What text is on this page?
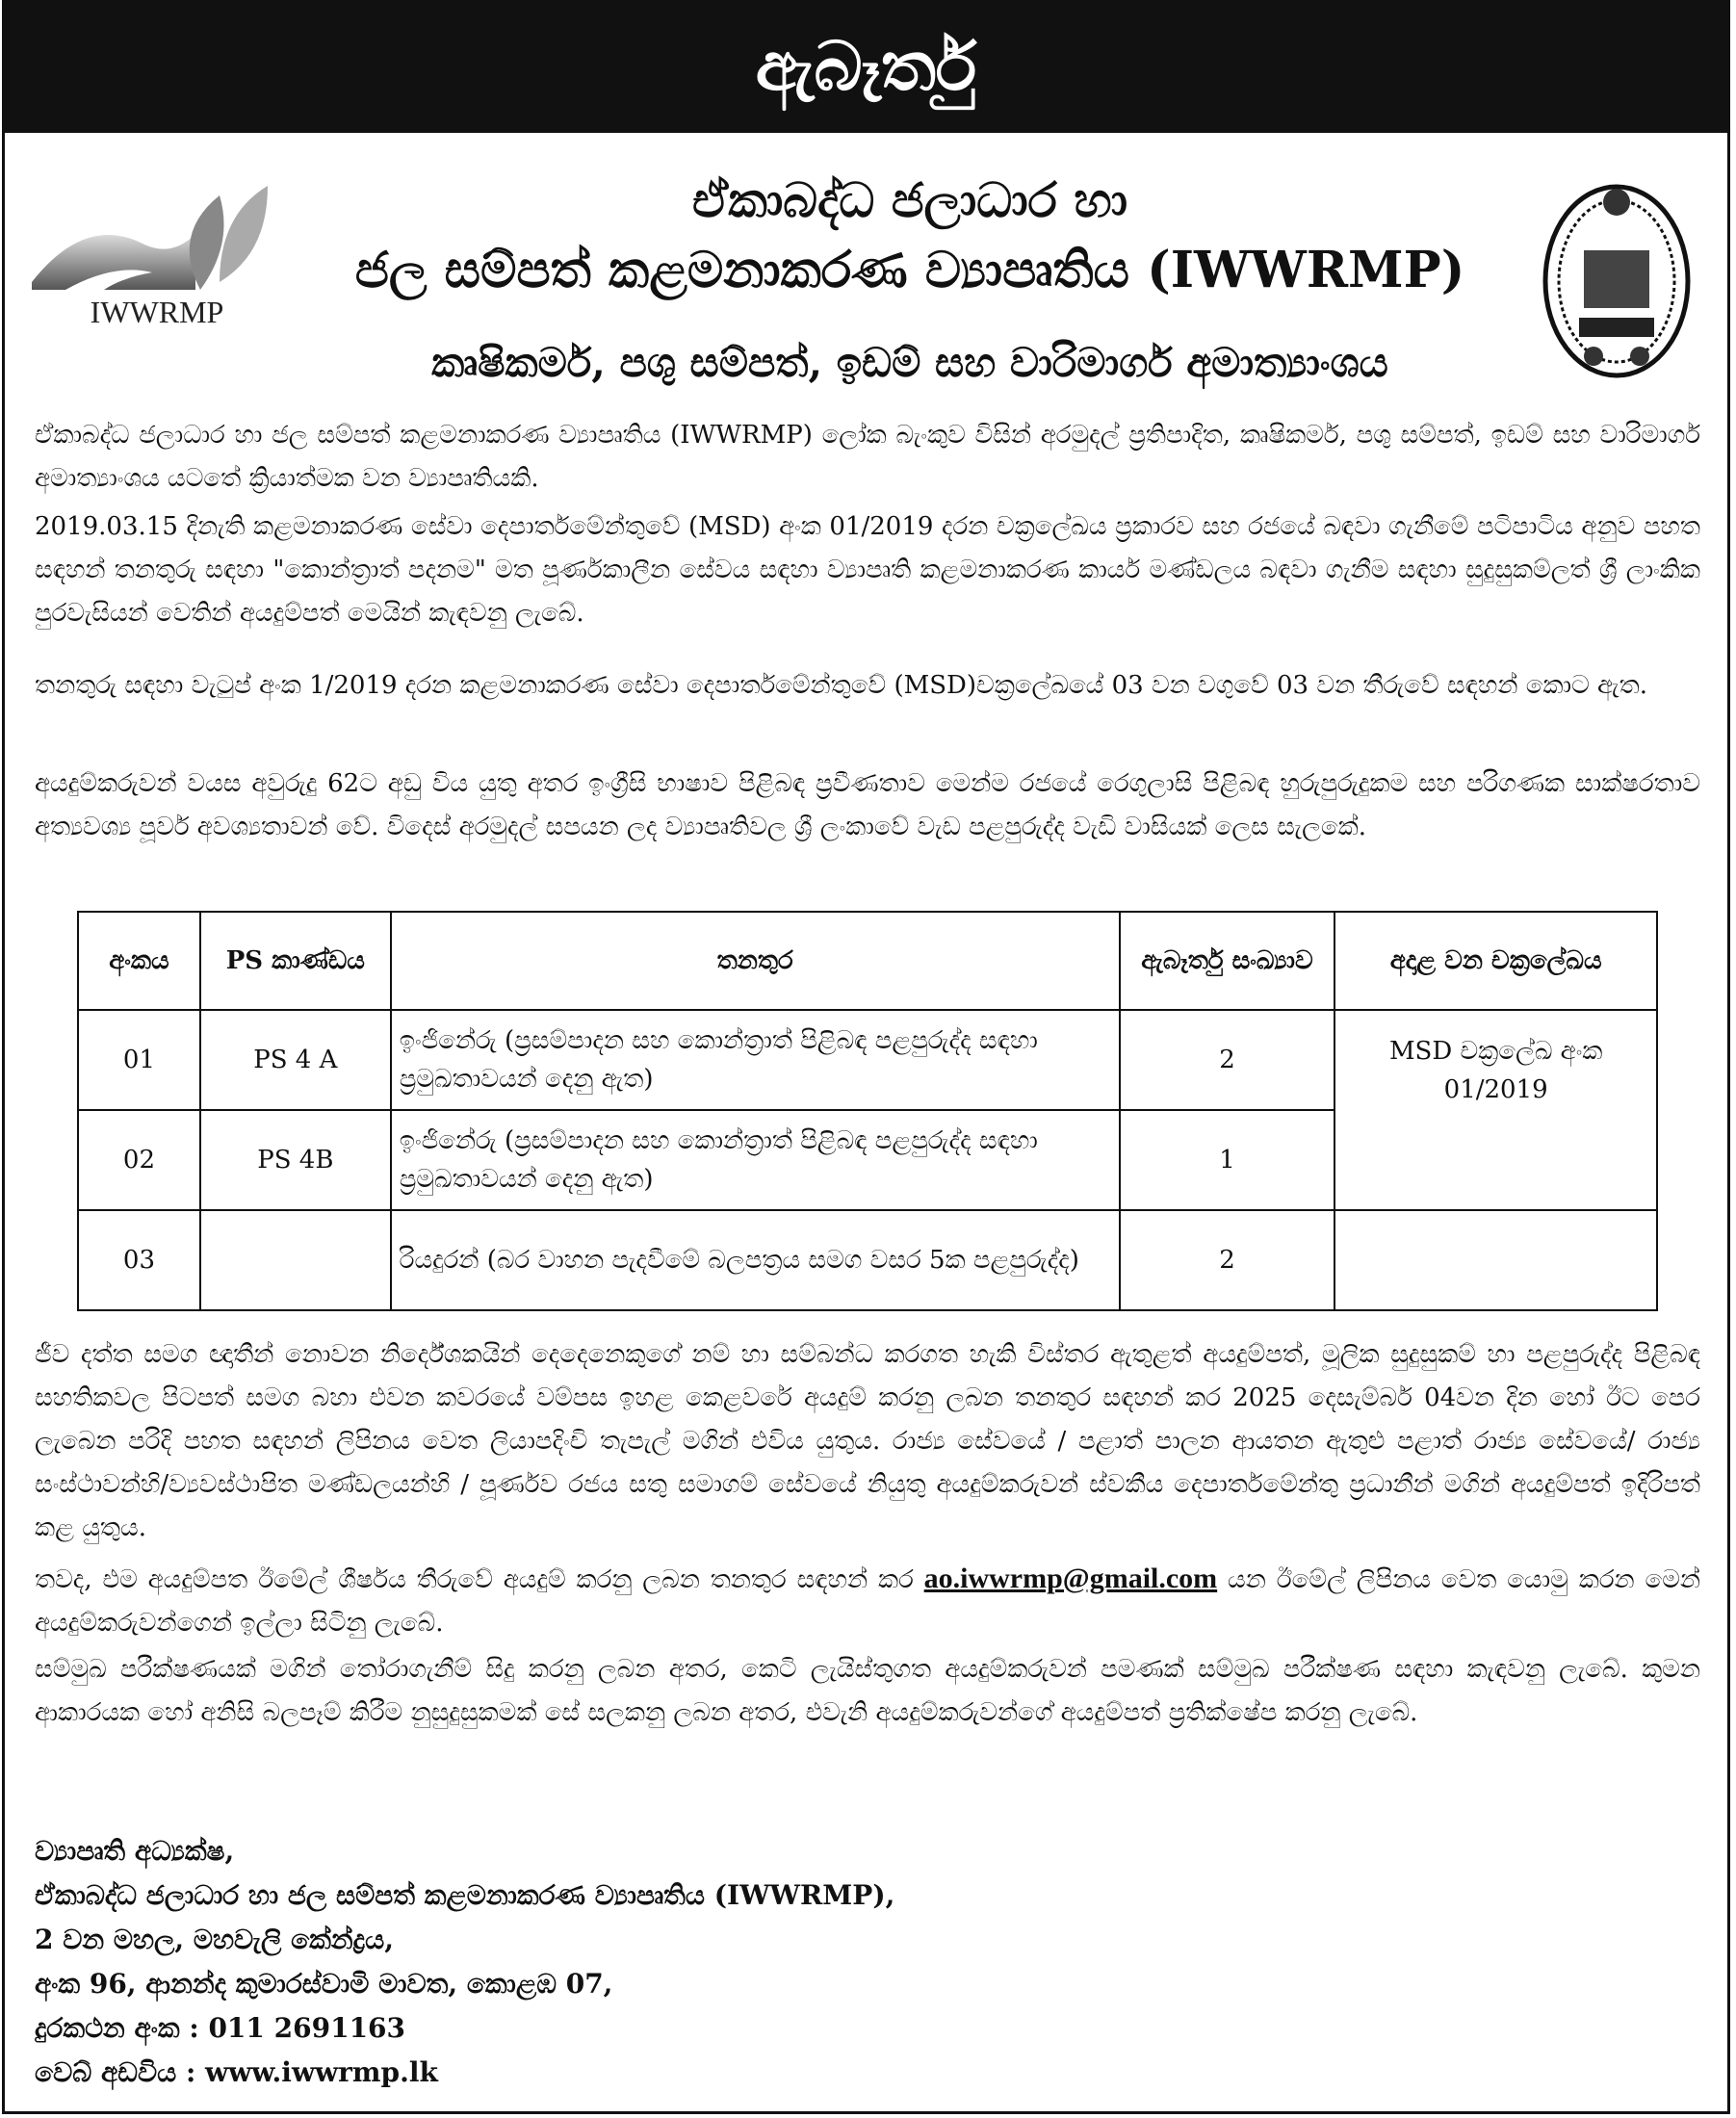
ඇබෑර්තු
IWWRMP
ඒකාබද්ධ ජලාධාර හා
ජල සම්පත් කළමනාකරණ ව්‍යාපෘතිය (IWWRMP)
කෘෂිකර්ම, පශු සම්පත්, ඉඩම් සහ වාරිමාර්ග අමාත්‍යාංශය
ඒකාබද්ධ ජලාධාර හා ජල සම්පත් කළමනාකරණ ව්‍යාපෘතිය (IWWRMP) ලෝක බැංකුව විසින් අරමුදල් ප්‍රතිපාදිත, කෘෂිකර්ම, පශු සම්පත්, ඉඩම් සහ වාරිමාර්ග අමාත්‍යාංශය යටතේ ක්‍රියාත්මක වන ව්‍යාපෘතියකි.
2019.03.15 දිනැති කළමනාකරණ සේවා දෙපාර්තමේන්තුවේ (MSD) අංක 01/2019 දරන චක්‍රලේඛය ප්‍රකාරව සහ රජයේ බඳවා ගැනීමේ පටිපාටිය අනුව පහත සඳහන් තනතුරු සඳහා "කොන්ත්‍රාත් පදනම" මත පූර්ණකාලීන සේවය සඳහා ව්‍යාපෘති කළමනාකරණ කාර්ය මණ්ඩලය බඳවා ගැනීම සඳහා සුදුසුකම්ලත් ශ්‍රී ලාංකික පුරවැසියන් වෙතින් අයදුම්පත් මෙයින් කැඳවනු ලැබේ.
තනතුරු සඳහා වැටුප් අංක 1/2019 දරන කළමනාකරණ සේවා දෙපාර්තමේන්තුවේ (MSD)චක්‍රලේඛයේ 03 වන වගුවේ 03 වන තීරුවේ සඳහන් කොට ඇත.
අයදුම්කරුවන් වයස අවුරුදු 62ට අඩු විය යුතු අතර ඉංග්‍රීසි භාෂාව පිළිබඳ ප්‍රවීණතාව මෙන්ම රජයේ රෙගුලාසි පිළිබඳ හුරුපුරුදුකම සහ පරිගණක සාක්ෂරතාව අත්‍යවශ්‍ය පූර්ව අවශ්‍යතාවන් වේ. විදෙස් අරමුදල් සපයන ලද ව්‍යාපෘතිවල ශ්‍රී ලංකාවේ වැඩ පළපුරුද්ද වැඩි වාසියක් ලෙස සැලකේ.
අංකය	PS කාණ්ඩය	තනතුර	ඇබෑර්තු සංඛ්‍යාව	අදාළ වන චක්‍රලේඛය
01	PS 4 A	ඉංජිනේරු (ප්‍රසම්පාදන සහ කොන්ත්‍රාත් පිළිබඳ පළපුරුද්ද සඳහා ප්‍රමුඛතාවයන් දෙනු ඇත)	2	MSD චක්‍රලේඛ අංක 01/2019
02	PS 4B	ඉංජිනේරු (ප්‍රසම්පාදන සහ කොන්ත්‍රාත් පිළිබඳ පළපුරුද්ද සඳහා ප්‍රමුඛතාවයන් දෙනු ඇත)	1	
03		රියදුරන් (බර වාහන පැදවීමේ බලපත්‍රය සමග වසර 5ක පළපුරුද්ද)	2	
ජීව දත්ත සමග ඥාතීන් නොවන නිර්දේශකයින් දෙදෙනෙකුගේ නම් හා සම්බන්ධ කරගත හැකි විස්තර ඇතුළත් අයදුම්පත්, මූලික සුදුසුකම් හා පළපුරුද්ද පිළිබඳ සහතිකවල පිටපත් සමග බහා එවන කවරයේ වම්පස ඉහළ කෙළවරේ අයදුම් කරනු ලබන තනතුර සඳහන් කර 2025 දෙසැම්බර් 04වන දින හෝ ඊට පෙර ලැබෙන පරිදි පහත සඳහන් ලිපිනය වෙත ලියාපදිංචි තැපැල් මගින් එවිය යුතුය. රාජ්‍ය සේවයේ / පළාත් පාලන ආයතන ඇතුළු පළාත් රාජ්‍ය සේවයේ/ රාජ්‍ය සංස්ථාවන්හි/ව්‍යවස්ථාපිත මණ්ඩලයන්හි / පූර්ණව රජය සතු සමාගම් සේවයේ නියුතු අයදුම්කරුවන් ස්වකීය දෙපාර්තමේන්තු ප්‍රධානීන් මගින් අයදුම්පත් ඉදිරිපත් කළ යුතුය.
තවද, එම අයදුම්පත ඊමේල් ශීර්ෂය තීරුවේ අයදුම් කරනු ලබන තනතුර සඳහන් කර ao.iwwrmp@gmail.com යන ඊමේල් ලිපිනය වෙත යොමු කරන මෙන් අයදුම්කරුවන්ගෙන් ඉල්ලා සිටිනු ලැබේ.
සම්මුඛ පරීක්ෂණයක් මගින් තෝරාගැනීම් සිදු කරනු ලබන අතර, කෙටි ලැයිස්තුගත අයදුම්කරුවන් පමණක් සම්මුඛ පරීක්ෂණ සඳහා කැඳවනු ලැබේ. කුමන ආකාරයක හෝ අනිසි බලපෑම් කිරීම නුසුදුසුකමක් සේ සලකනු ලබන අතර, එවැනි අයදුම්කරුවන්ගේ අයදුම්පත් ප්‍රතික්ෂේප කරනු ලැබේ.
ව්‍යාපෘති අධ්‍යක්ෂ,
ඒකාබද්ධ ජලාධාර හා ජල සම්පත් කළමනාකරණ ව්‍යාපෘතිය (IWWRMP),
2 වන මහල, මහවැලි කේන්ද්‍රය,
අංක 96, ආනන්ද කුමාරස්වාමි මාවත, කොළඹ 07,
දුරකථන අංක : 011 2691163
වෙබ් අඩවිය : www.iwwrmp.lk
